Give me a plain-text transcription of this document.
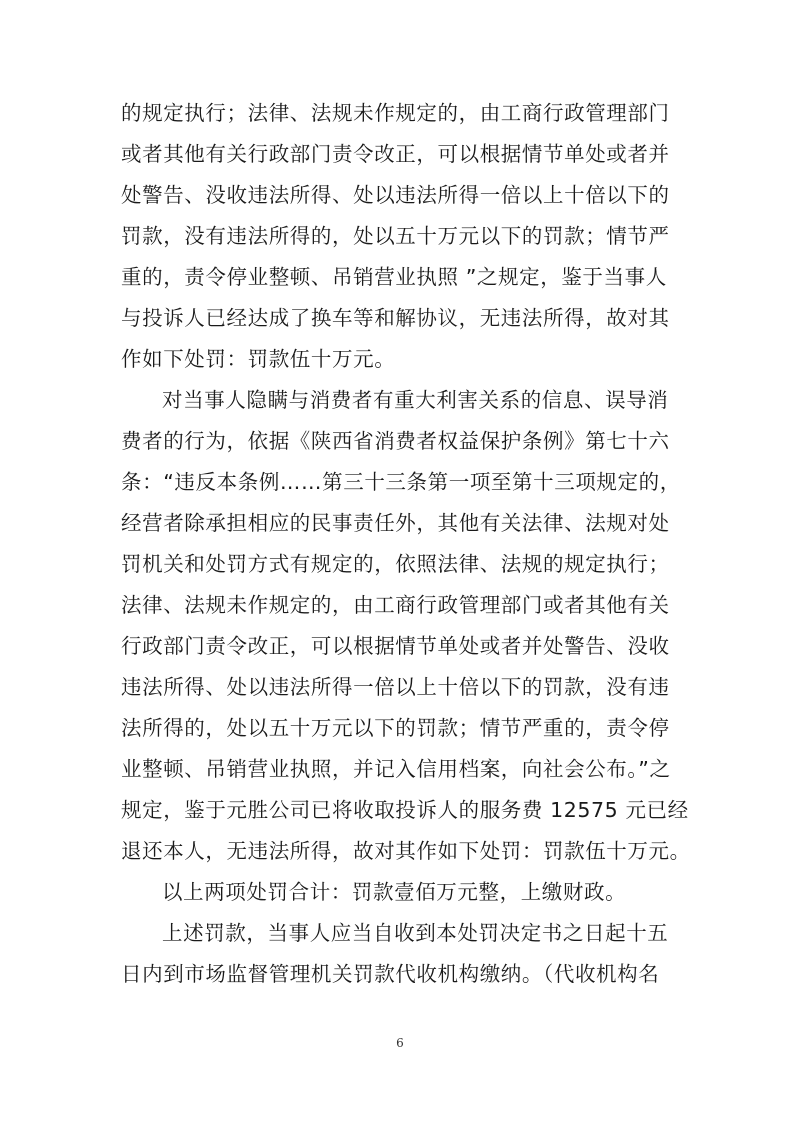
的规定执行；法律、法规未作规定的，由工商行政管理部门
或者其他有关行政部门责令改正，可以根据情节单处或者并
处警告、没收违法所得、处以违法所得一倍以上十倍以下的
罚款，没有违法所得的，处以五十万元以下的罚款；情节严
重的，责令停业整顿、吊销营业执照 ”之规定，鉴于当事人
与投诉人已经达成了换车等和解协议，无违法所得，故对其
作如下处罚：罚款伍十万元。
对当事人隐瞒与消费者有重大利害关系的信息、误导消
费者的行为，依据《陕西省消费者权益保护条例》第七十六
条：“违反本条例……第三十三条第一项至第十三项规定的，
经营者除承担相应的民事责任外，其他有关法律、法规对处
罚机关和处罚方式有规定的，依照法律、法规的规定执行；
法律、法规未作规定的，由工商行政管理部门或者其他有关
行政部门责令改正，可以根据情节单处或者并处警告、没收
违法所得、处以违法所得一倍以上十倍以下的罚款，没有违
法所得的，处以五十万元以下的罚款；情节严重的，责令停
业整顿、吊销营业执照，并记入信用档案，向社会公布。”之
规定，鉴于元胜公司已将收取投诉人的服务费 12575 元已经
退还本人，无违法所得，故对其作如下处罚：罚款伍十万元。
以上两项处罚合计：罚款壹佰万元整，上缴财政。
上述罚款，当事人应当自收到本处罚决定书之日起十五
日内到市场监督管理机关罚款代收机构缴纳。（代收机构名
6
